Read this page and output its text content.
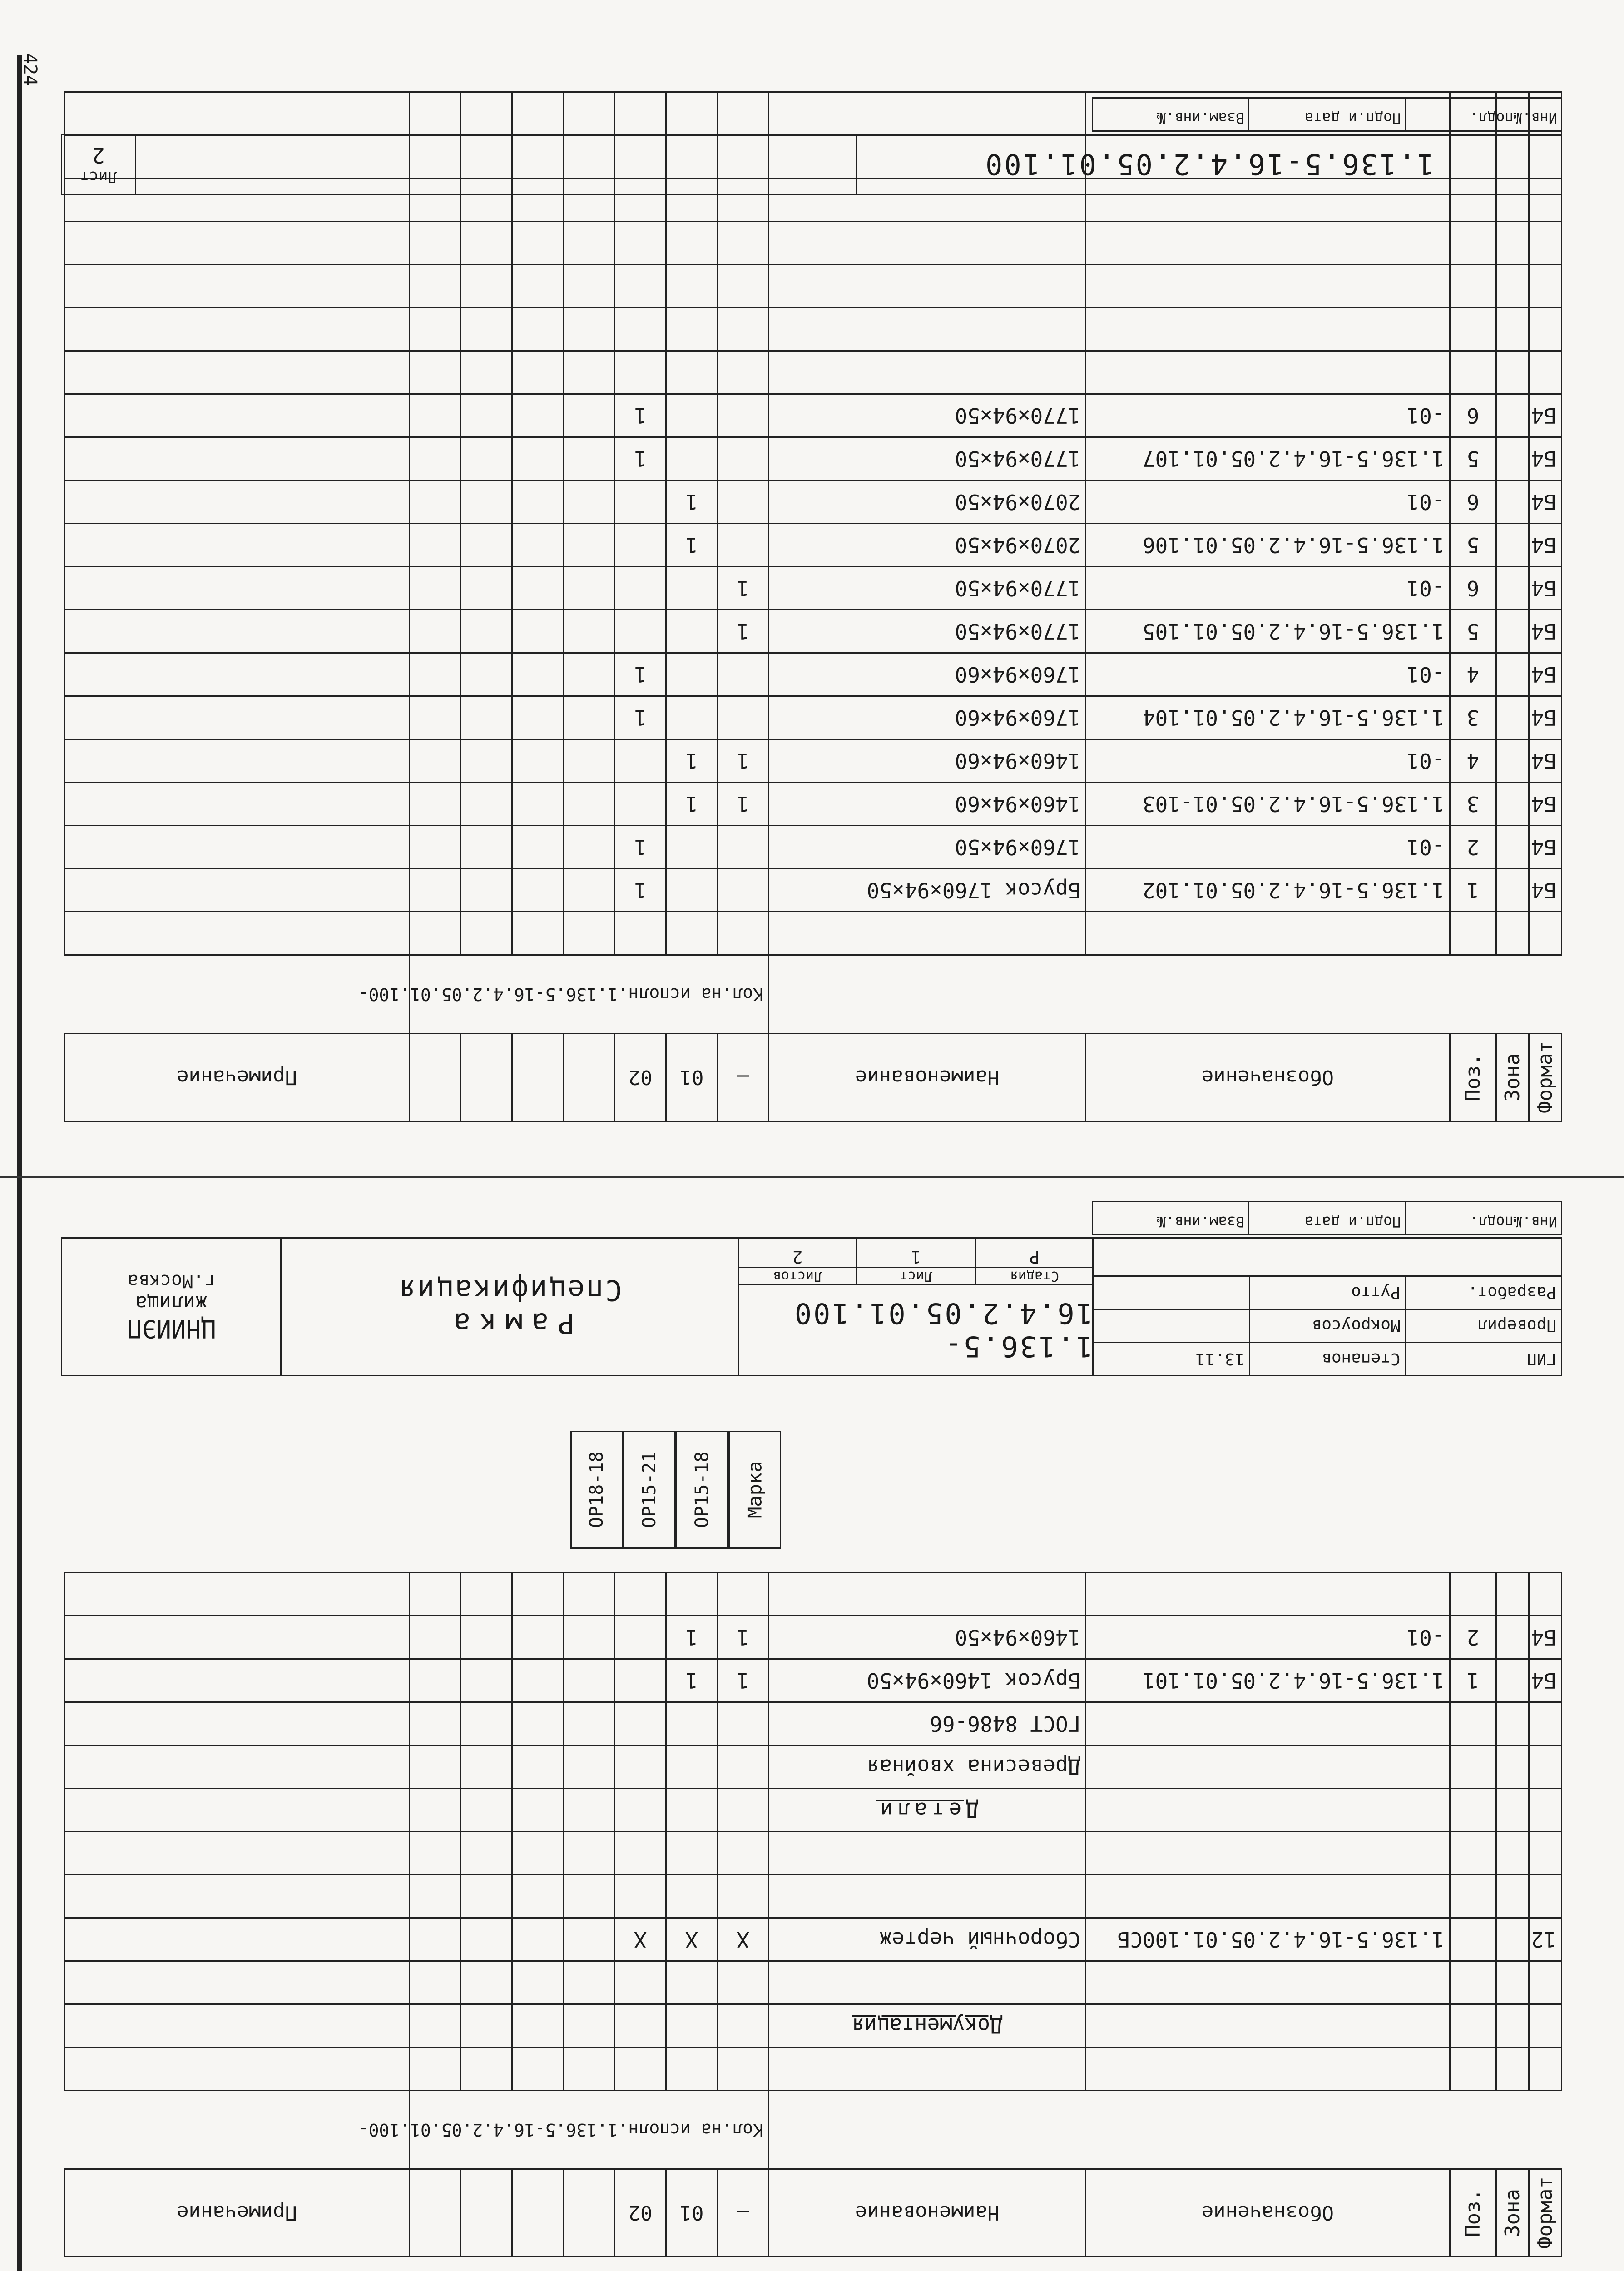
424
Инв.№подл.
Подп.и дата
Взам.инв.№
Формат	Зона	Поз.	Обозначение	Наименование	–	01	02					Примечание
					Кол.на исполн.1.136.5-16.4.2.05.01.100-							

Б4		1	1.136.5-16.4.2.05.01.102	Брусок 1760×94×50			1					
Б4		2	-01	1760×94×50			1					
Б4		3	1.136.5-16.4.2.05.01-103	1460×94×60	1	1						
Б4		4	-01	1460×94×60	1	1						
Б4		3	1.136.5-16.4.2.05.01.104	1760×94×60			1					
Б4		4	-01	1760×94×60			1					
Б4		5	1.136.5-16.4.2.05.01.105	1770×94×50	1							
Б4		6	-01	1770×94×50	1							
Б4		5	1.136.5-16.4.2.05.01.106	2070×94×50		1						
Б4		6	-01	2070×94×50		1						
Б4		5	1.136.5-16.4.2.05.01.107	1770×94×50			1					
Б4		6	-01	1770×94×50			1					

1.136.5-16.4.2.05.01.100
Лист
2
Инв.№подл.
Подп.и дата
Взам.инв.№
Формат	Зона	Поз.	Обозначение	Наименование	–	01	02					Примечание
					Кол.на исполн.1.136.5-16.4.2.05.01.100-							

				Документация								

12			1.136.5-16.4.2.05.01.100СБ	Сборочный чертеж	X	X	X					

				Детали								
				Древесина хвойная								
				ГОСТ 8486-66								
Б4		1	1.136.5-16.4.2.05.01.101	Брусок 1460×94×50	1	1						
Б4		2	-01	1460×94×50	1	1						

Марка
ОР15-18
ОР15-21
ОР18-18
1.136.5-16.4.2.05.01.100
Стадия
Р
Лист
1
Листов
2
Рамка
Спецификация
ЦНИИЭП
жилища
г.Москва
ГИП
Степанов
13.11
Проверил
Мокроусов
Разработ.
Рутто
